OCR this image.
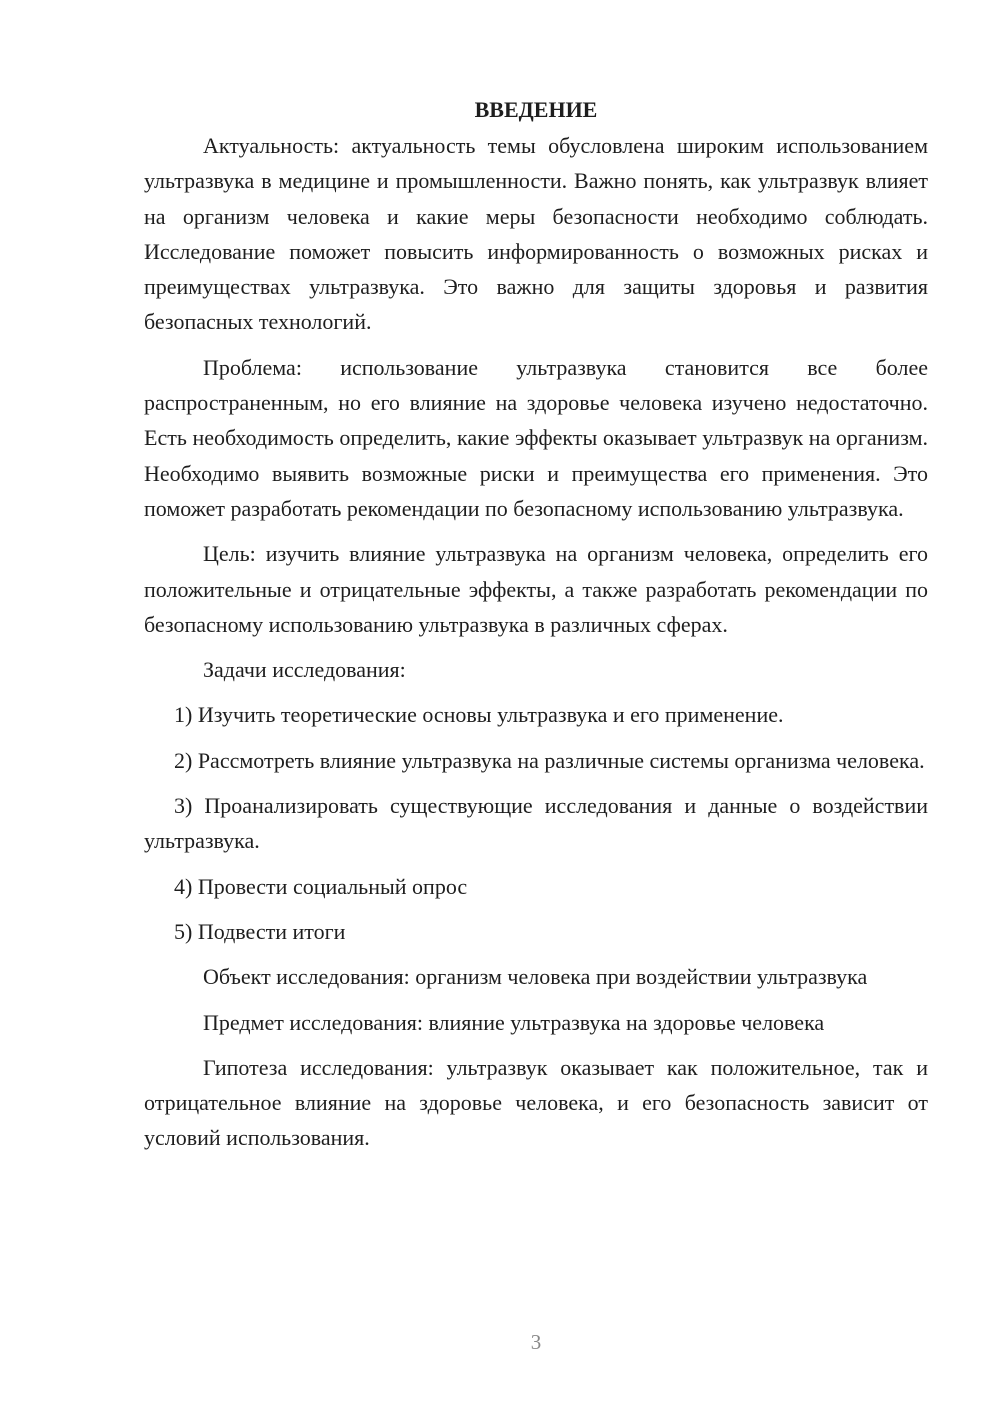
ВВЕДЕНИЕ

Актуальность: актуальность темы обусловлена широким использованием ультразвука в медицине и промышленности. Важно понять, как ультразвук влияет на организм человека и какие меры безопасности необходимо соблюдать. Исследование поможет повысить информированность о возможных рисках и преимуществах ультразвука. Это важно для защиты здоровья и развития безопасных технологий.

Проблема: использование ультразвука становится все более распространенным, но его влияние на здоровье человека изучено недостаточно. Есть необходимость определить, какие эффекты оказывает ультразвук на организм. Необходимо выявить возможные риски и преимущества его применения. Это поможет разработать рекомендации по безопасному использованию ультразвука.

Цель: изучить влияние ультразвука на организм человека, определить его положительные и отрицательные эффекты, а также разработать рекомендации по безопасному использованию ультразвука в различных сферах.

Задачи исследования:

1) Изучить теоретические основы ультразвука и его применение.

2) Рассмотреть влияние ультразвука на различные системы организма человека.

3) Проанализировать существующие исследования и данные о воздействии ультразвука.

4) Провести социальный опрос

5) Подвести итоги

Объект исследования: организм человека при воздействии ультразвука

Предмет исследования: влияние ультразвука на здоровье человека

Гипотеза исследования: ультразвук оказывает как положительное, так и отрицательное влияние на здоровье человека, и его безопасность зависит от условий использования.

3
